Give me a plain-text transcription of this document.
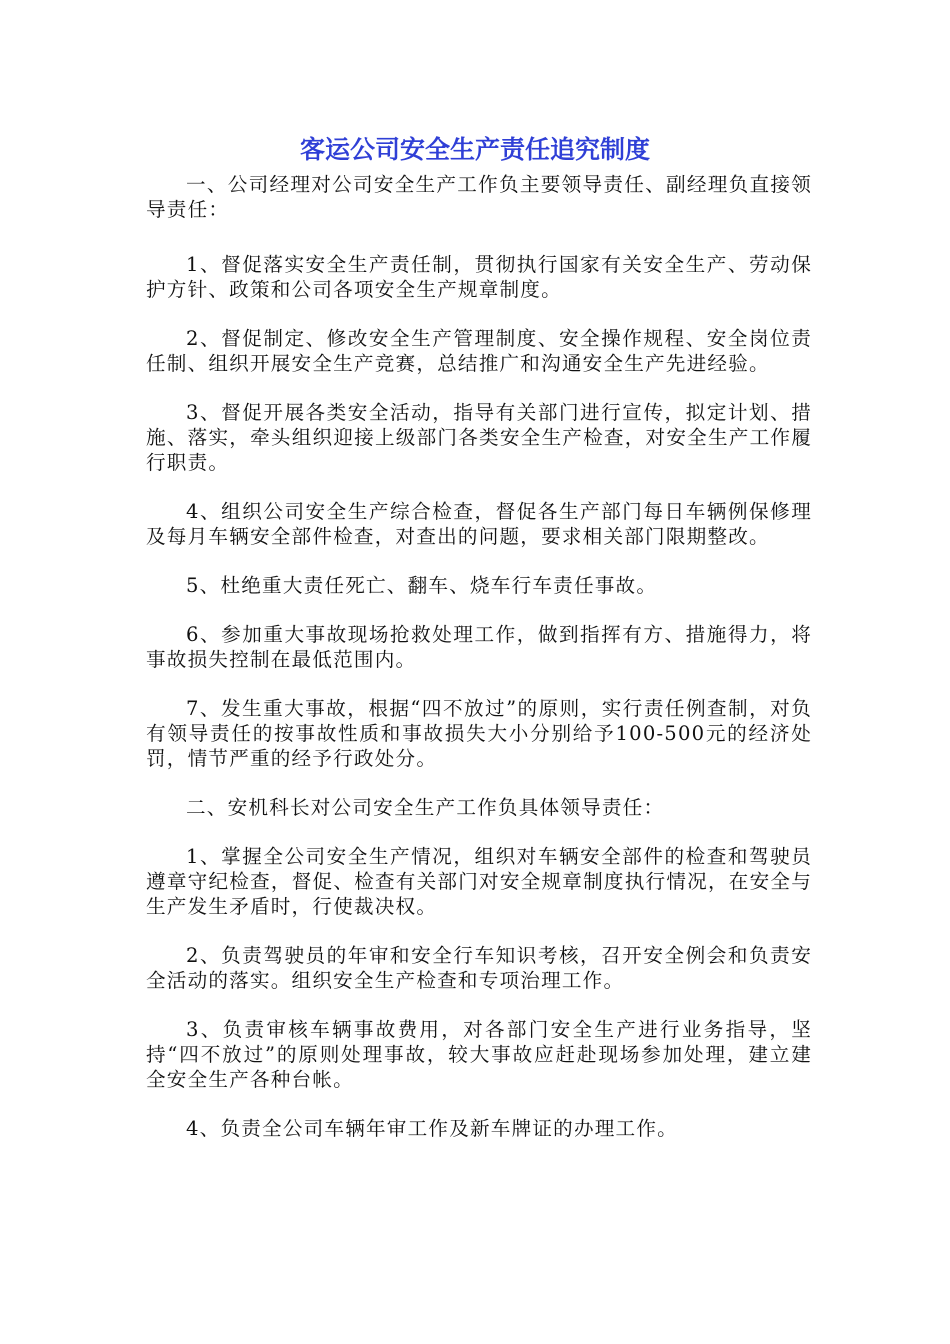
客运公司安全生产责任追究制度

一、公司经理对公司安全生产工作负主要领导责任、副经理负直接领导责任：

1、督促落实安全生产责任制，贯彻执行国家有关安全生产、劳动保护方针、政策和公司各项安全生产规章制度。

2、督促制定、修改安全生产管理制度、安全操作规程、安全岗位责任制、组织开展安全生产竞赛，总结推广和沟通安全生产先进经验。

3、督促开展各类安全活动，指导有关部门进行宣传，拟定计划、措施、落实，牵头组织迎接上级部门各类安全生产检查，对安全生产工作履行职责。

4、组织公司安全生产综合检查，督促各生产部门每日车辆例保修理及每月车辆安全部件检查，对查出的问题，要求相关部门限期整改。

5、杜绝重大责任死亡、翻车、烧车行车责任事故。

6、参加重大事故现场抢救处理工作，做到指挥有方、措施得力，将事故损失控制在最低范围内。

7、发生重大事故，根据“四不放过”的原则，实行责任例查制，对负有领导责任的按事故性质和事故损失大小分别给予100-500元的经济处罚，情节严重的经予行政处分。

二、安机科长对公司安全生产工作负具体领导责任：

1、掌握全公司安全生产情况，组织对车辆安全部件的检查和驾驶员遵章守纪检查，督促、检查有关部门对安全规章制度执行情况，在安全与生产发生矛盾时，行使裁决权。

2、负责驾驶员的年审和安全行车知识考核，召开安全例会和负责安全活动的落实。组织安全生产检查和专项治理工作。

3、负责审核车辆事故费用，对各部门安全生产进行业务指导，坚持“四不放过”的原则处理事故，较大事故应赶赴现场参加处理，建立建全安全生产各种台帐。

4、负责全公司车辆年审工作及新车牌证的办理工作。
